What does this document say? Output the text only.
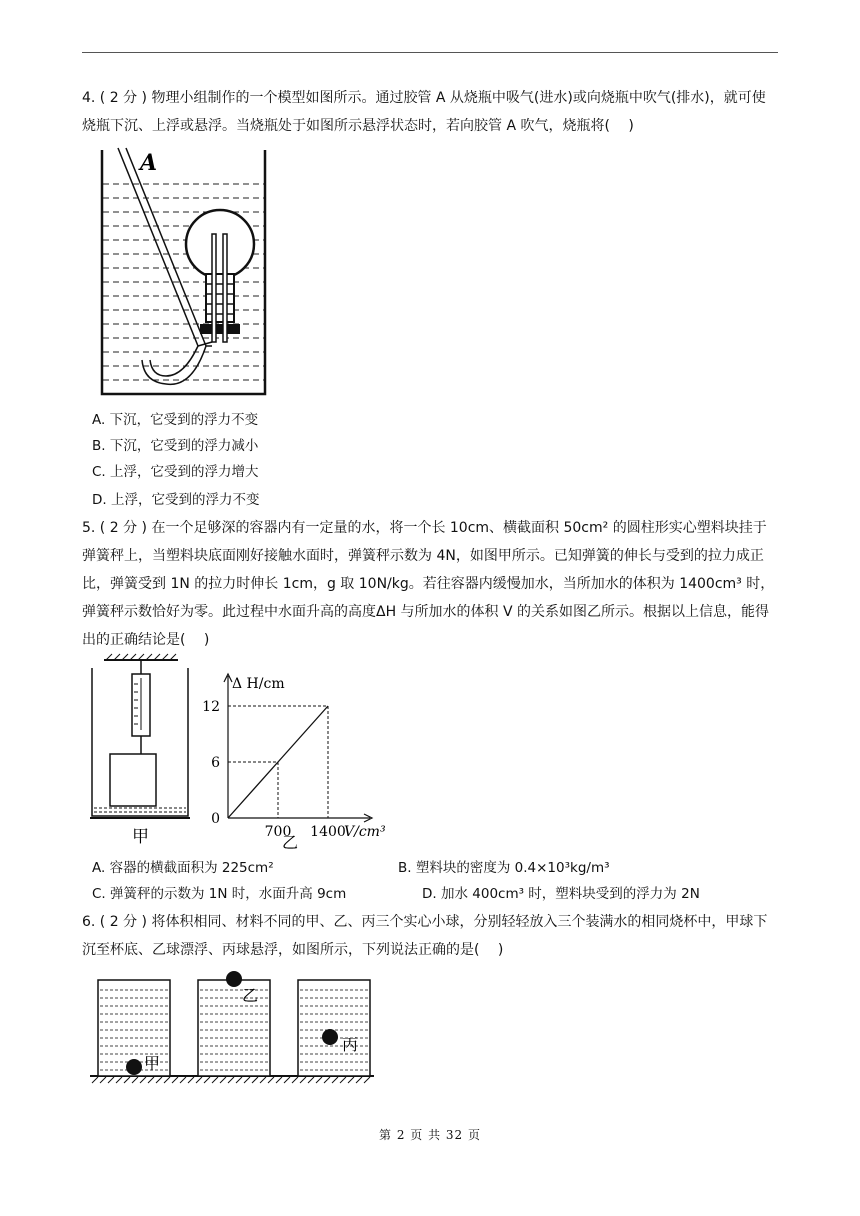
4. ( 2 分 ) 物理小组制作的一个模型如图所示。通过胶管 A 从烧瓶中吸气(进水)或向烧瓶中吹气(排水)，就可使烧瓶下沉、上浮或悬浮。当烧瓶处于如图所示悬浮状态时，若向胶管 A 吹气，烧瓶将(　 )
A
A. 下沉，它受到的浮力不变
B. 下沉，它受到的浮力减小
C. 上浮，它受到的浮力增大
D. 上浮，它受到的浮力不变
5. ( 2 分 ) 在一个足够深的容器内有一定量的水，将一个长 10cm、横截面积 50cm² 的圆柱形实心塑料块挂于弹簧秤上，当塑料块底面刚好接触水面时，弹簧秤示数为 4N，如图甲所示。已知弹簧的伸长与受到的拉力成正比，弹簧受到 1N 的拉力时伸长 1cm，g 取 10N/kg。若往容器内缓慢加水，当所加水的体积为 1400cm³ 时，弹簧秤示数恰好为零。此过程中水面升高的高度ΔH 与所加水的体积 V 的关系如图乙所示。根据以上信息，能得出的正确结论是(　 )
甲
Δ H/cm
0
6
12
700 1400
V/cm³
乙
A. 容器的横截面积为 225cm²	B. 塑料块的密度为 0.4×10³kg/m³
C. 弹簧秤的示数为 1N 时，水面升高 9cm	D. 加水 400cm³ 时，塑料块受到的浮力为 2N
6. ( 2 分 ) 将体积相同、材料不同的甲、乙、丙三个实心小球，分别轻轻放入三个装满水的相同烧杯中，甲球下沉至杯底、乙球漂浮、丙球悬浮，如图所示，下列说法正确的是(　 )
甲
乙
丙
第 2 页 共 32 页
